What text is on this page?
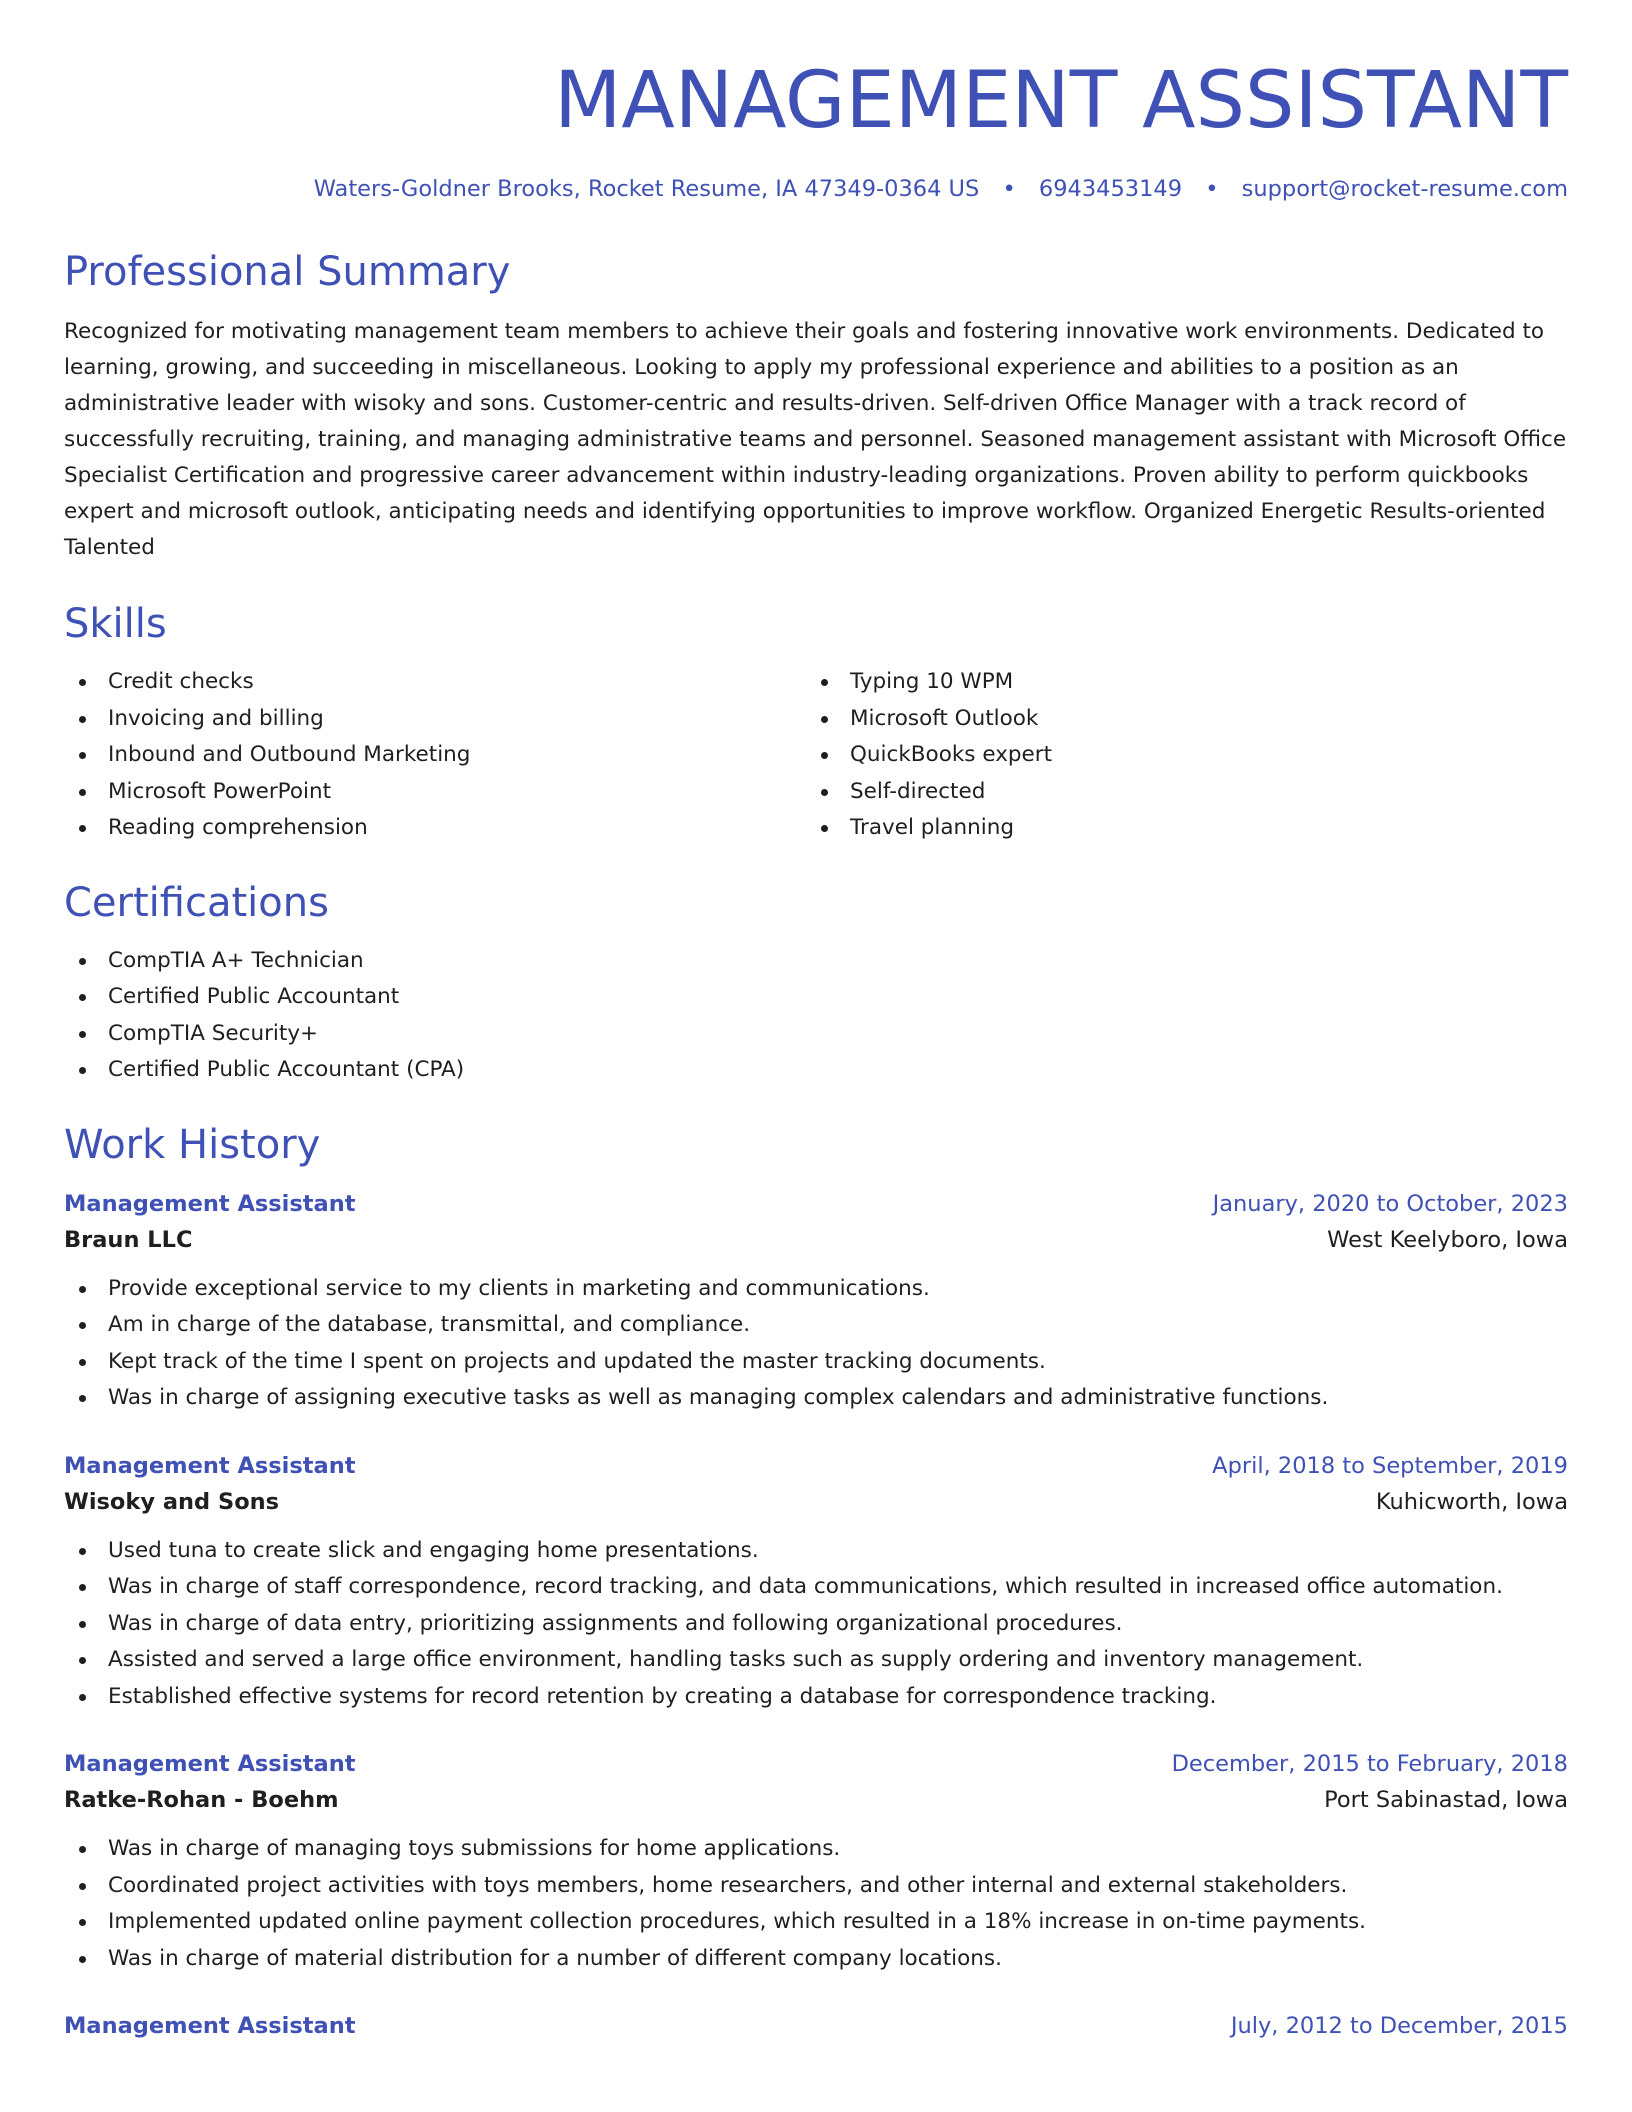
MANAGEMENT ASSISTANT
Waters-Goldner Brooks, Rocket Resume, IA 47349-0364 US • 6943453149 • support@rocket-resume.com
Professional Summary
Recognized for motivating management team members to achieve their goals and fostering innovative work environments. Dedicated to learning, growing, and succeeding in miscellaneous. Looking to apply my professional experience and abilities to a position as an administrative leader with wisoky and sons. Customer-centric and results-driven. Self-driven Office Manager with a track record of successfully recruiting, training, and managing administrative teams and personnel. Seasoned management assistant with Microsoft Office Specialist Certification and progressive career advancement within industry-leading organizations. Proven ability to perform quickbooks expert and microsoft outlook, anticipating needs and identifying opportunities to improve workflow. Organized Energetic Results-oriented Talented
Skills
Credit checks
Invoicing and billing
Inbound and Outbound Marketing
Microsoft PowerPoint
Reading comprehension
Typing 10 WPM
Microsoft Outlook
QuickBooks expert
Self-directed
Travel planning
Certifications
CompTIA A+ Technician
Certified Public Accountant
CompTIA Security+
Certified Public Accountant (CPA)
Work History
Management Assistant	January, 2020 to October, 2023
Braun LLC	West Keelyboro, Iowa
Provide exceptional service to my clients in marketing and communications.
Am in charge of the database, transmittal, and compliance.
Kept track of the time I spent on projects and updated the master tracking documents.
Was in charge of assigning executive tasks as well as managing complex calendars and administrative functions.
Management Assistant	April, 2018 to September, 2019
Wisoky and Sons	Kuhicworth, Iowa
Used tuna to create slick and engaging home presentations.
Was in charge of staff correspondence, record tracking, and data communications, which resulted in increased office automation.
Was in charge of data entry, prioritizing assignments and following organizational procedures.
Assisted and served a large office environment, handling tasks such as supply ordering and inventory management.
Established effective systems for record retention by creating a database for correspondence tracking.
Management Assistant	December, 2015 to February, 2018
Ratke-Rohan - Boehm	Port Sabinastad, Iowa
Was in charge of managing toys submissions for home applications.
Coordinated project activities with toys members, home researchers, and other internal and external stakeholders.
Implemented updated online payment collection procedures, which resulted in a 18% increase in on-time payments.
Was in charge of material distribution for a number of different company locations.
Management Assistant	July, 2012 to December, 2015
